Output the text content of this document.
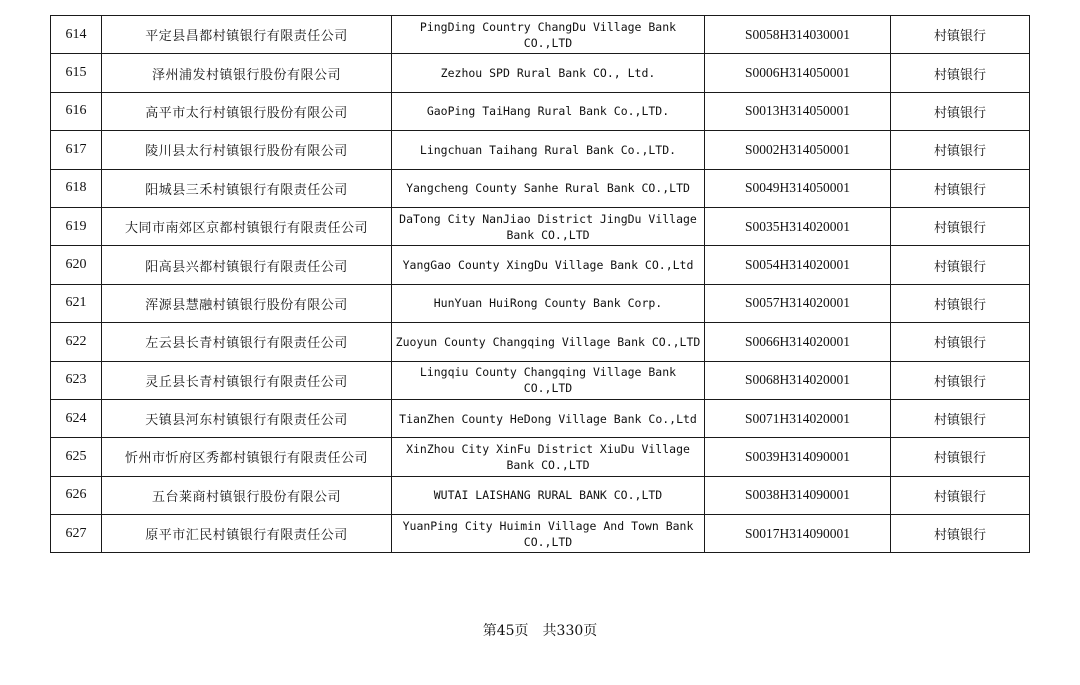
614	平定县昌都村镇银行有限责任公司	PingDing Country ChangDu Village Bank CO.,LTD	S0058H314030001	村镇银行
615	泽州浦发村镇银行股份有限公司	Zezhou SPD Rural Bank CO., Ltd.	S0006H314050001	村镇银行
616	高平市太行村镇银行股份有限公司	GaoPing TaiHang Rural Bank Co.,LTD.	S0013H314050001	村镇银行
617	陵川县太行村镇银行股份有限公司	Lingchuan Taihang Rural Bank Co.,LTD.	S0002H314050001	村镇银行
618	阳城县三禾村镇银行有限责任公司	Yangcheng County Sanhe Rural Bank CO.,LTD	S0049H314050001	村镇银行
619	大同市南郊区京都村镇银行有限责任公司	DaTong City NanJiao District JingDu Village Bank CO.,LTD	S0035H314020001	村镇银行
620	阳高县兴都村镇银行有限责任公司	YangGao County XingDu Village Bank CO.,Ltd	S0054H314020001	村镇银行
621	浑源县慧融村镇银行股份有限公司	HunYuan HuiRong County Bank Corp.	S0057H314020001	村镇银行
622	左云县长青村镇银行有限责任公司	Zuoyun County Changqing Village Bank CO.,LTD	S0066H314020001	村镇银行
623	灵丘县长青村镇银行有限责任公司	Lingqiu County Changqing Village Bank CO.,LTD	S0068H314020001	村镇银行
624	天镇县河东村镇银行有限责任公司	TianZhen County HeDong Village Bank Co.,Ltd	S0071H314020001	村镇银行
625	忻州市忻府区秀都村镇银行有限责任公司	XinZhou City XinFu District XiuDu Village Bank CO.,LTD	S0039H314090001	村镇银行
626	五台莱商村镇银行股份有限公司	WUTAI LAISHANG RURAL BANK CO.,LTD	S0038H314090001	村镇银行
627	原平市汇民村镇银行有限责任公司	YuanPing City Huimin Village And Town Bank CO.,LTD	S0017H314090001	村镇银行
第45页　共330页
